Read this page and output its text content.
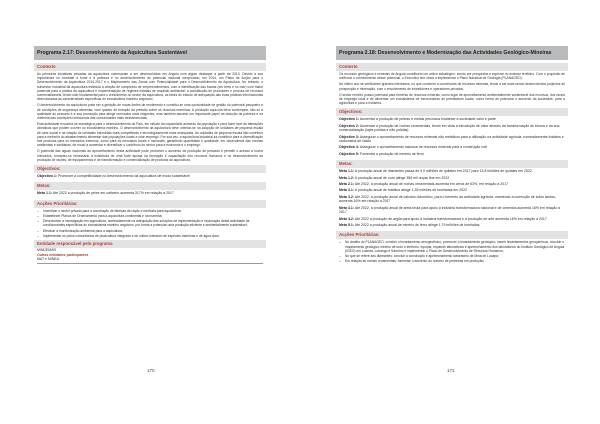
Programa 2.17: Desenvolvimento da Aquicultura Sustentável
Contexto

As primeiras iniciativas privadas da aquicultura começaram a ser desenvolvidas em Angola com algum destaque a partir de 2013. Devido à sua importância no combate à fome e à pobreza e no desenvolvimento do potencial nacional inexplorado, em 2014, um Plano de Acção para o Desenvolvimento da Aquicultura 2014-2017 e o Mapeamento das Zonas com Potencialidade para o Desenvolvimento da Aquicultura. No entanto, o subsector industrial da aquicultura estimula a criação de complexos de empreendimentos, com a identificação das bacias (em terra e no mar) com maior potencial para a prática da aquicultura e implementação de regimes estatais de requisito ambiental, a constituição de produtores e procura de recursos comercializáveis, tendo sido fundamental para o crescimento do sector da aquicultura, as fases do estudo de adequação das boas práticas internacionais direccionadas às características específicas do ecossistema marinho angolano.

O desenvolvimento da aquicultura pode ser a geração de novas fontes de rendimento e constitui-se uma oportunidade de gestão do potencial pesqueiro e de condições de segurança alimentar, num quadro de redução da pressão sobre os recursos marinhos. A produção aquícola deve contemplar, não só a qualidade do pescado e a sua promoção para atingir mercados mais exigentes, mas também assumir um importante papel na redução da pobreza e na melhoria das condições nutricionais das comunidades mais desfavorecidas.

Esta actividade encontra-se estratégica para o desenvolvimento do País, em virtude da capacidade aumento da população e para fazer face às alterações climáticas que podem ocorrer no ecossistema marinho. O desenvolvimento da aquicultura deve orientar-se na adopção de unidades de pequena escala de cariz social e na criação de unidades industriais mais competitivas e tecnologicamente mais avançadas. As unidades de pequena escala irão contribuir para a melhoria do abastecimento alimentar das populações locais e criar emprego. Por sua vez, a aquicultura industrial irá contribuir para a diversificação dos produtos para os mercados externos, como para os mercados locais e nacionais, garantindo quantidade e qualidade, em observância das normas ambientais e sanitárias, de modo a aumentar e diversificar o contributo do sector para a economia e o emprego.

O potencial das águas nacionais ao aproveitamento desta actividade pode promover o aumento da produção de pescado e permitir o acesso a novos mercados, tornando-se necessário a existência de uma forte aposta na formação e capacitação dos recursos humanos e no desenvolvimento da produção de rações, de equipamentos e de transformação e comercialização de produtos da aquicultura.

Objectivos:
Objectivo 1: Promover a competitividade no desenvolvimento da aquicultura de modo sustentável
Metas:
Meta 1.1: Até 2022 a produção de peixe em cativeiro aumenta 317% em relação a 2017
Acções Prioritárias:
– Incentivar o sector privado para a construção de fábricas de ração e melhoria para aquicultura;
– Estabelecer Planos de Ordenamento para a aquicultura continental e na marinha;
– Desenvolver a investigação em aquicultura, nomeadamente na adequação das soluções de implementação e exploração desta actividade às condicionantes específicas do ecossistema marinho angolano, por forma a potenciar uma produção eficiente e ambientalmente sustentável;
– Efectuar a monitorização ambiental para a aquicultura;
– Implementar os pólos comunitários de piscicultura integrada e de cultivo intensivo de espécies marinhas e de água doce.
Entidade responsável pelo programa
MINDEMAR
Outras entidades participantes
MAT e MINEA
Programa 2.18: Desenvolvimento e Modernização das Actividades Geológico-Mineiras
Contexto

Os recursos geológicos e minerais de Angola constituem um activo estratégico, sendo por prospectar e explorar no extenso território. Com o propósito de melhorar o conhecimento desse potencial, o Executivo tem vindo a implementar o Plano Nacional de Geologia (PLANAGEO).

No último ano se verificaram grandes interesses, no que concerne a ocorrências de recursos minerais, tendo a ser mais sendo desenvolvidos projectos de prospecção e mineração, com o envolvimento de investidores e operadores privados.

O sector mineiro possui potencial para fomento de recursos minerais, como lugar de aproveitamento ambientalmente sustentável dos recursos, dos rácios de emprego local e de alimentar um ecossistema de fornecedores de prestadores locais, como forma de potenciar o aumento da sociedade, para a agricultura e para a indústria.

Objectivos:
Objectivo 1: Aumentar a produção de pedras e metais preciosos enaltecer a sociedade valor e parte
Objectivo 2: Aumentar a produção de rochas ornamentais, tendo em vista a introdução de valor através da transformação de blocos e da sua comercialização (lajes polidas e não polidas)
Objectivo 3: Assegurar o aproveitamento de recursos minerais não metálicos para a utilização na actividade agrícola, nomeadamente fosfatos e carbonatos de cálcio
Objectivo 4: Assegurar o aproveitamento nacional de recursos minerais para a construção civil
Objectivo 5: Fomentar a produção de minério de ferro
Metas:
Meta 1.1: A produção anual de diamantes passa de 9,0 milhões de quilates em 2017 para 13,8 milhões de quilates em 2022
Meta 1.2: A produção anual de ouro atinge 356 mil onças fine em 2022
Meta 2.1: Até 2022, a produção anual de rochas ornamentais aumenta em cerca de 63%, em relação a 2017
Meta 3.1: A produção anual de fosfatos atinge 1,35 milhões de toneladas em 2022
Meta 3.2: Até 2022, a produção anual de calcário dolomítico, para o fomento da actividade agrícola, mantendo a correcção de solos ácidos, aumenta 16% em relação a 2017
Meta 4.1: Até 2022, a produção anual de areia bruta para apoio à indústria transformadora nacional e de cimentos aumenta 16% em relação a 2017
Meta 4.2: Até 2022 a produção de argila para apoio à indústria transformadora e à produção de arte aumenta 16% em relação a 2017
Meta 5.1: Até 2022 a produção anual de minério de ferro atinge 1,79 milhões de toneladas
Acções Prioritárias:
– No âmbito do PLANAGEO, concluir o levantamento aerogeofísico, promover o levantamento geológico, inserir levantamentos geoquímicos, concluir o mapeamento geológico mineiro de todo o território, equipar, expandir laboratórios e apetrechamento dos laboratórios do Instituto Geológico de Angola (IGEO) em Luanda, Lubango e Saurimo e implementar o Plano de Desenvolvimento de Recursos Humanos;
– No que se refere aos diamantes: concluir a construção e apetrechamento laboratório de Mina de Lucapa;
– Em relação às rochas ornamentais: fomentar o aumento do número de pedreiras em produção;
170	171
